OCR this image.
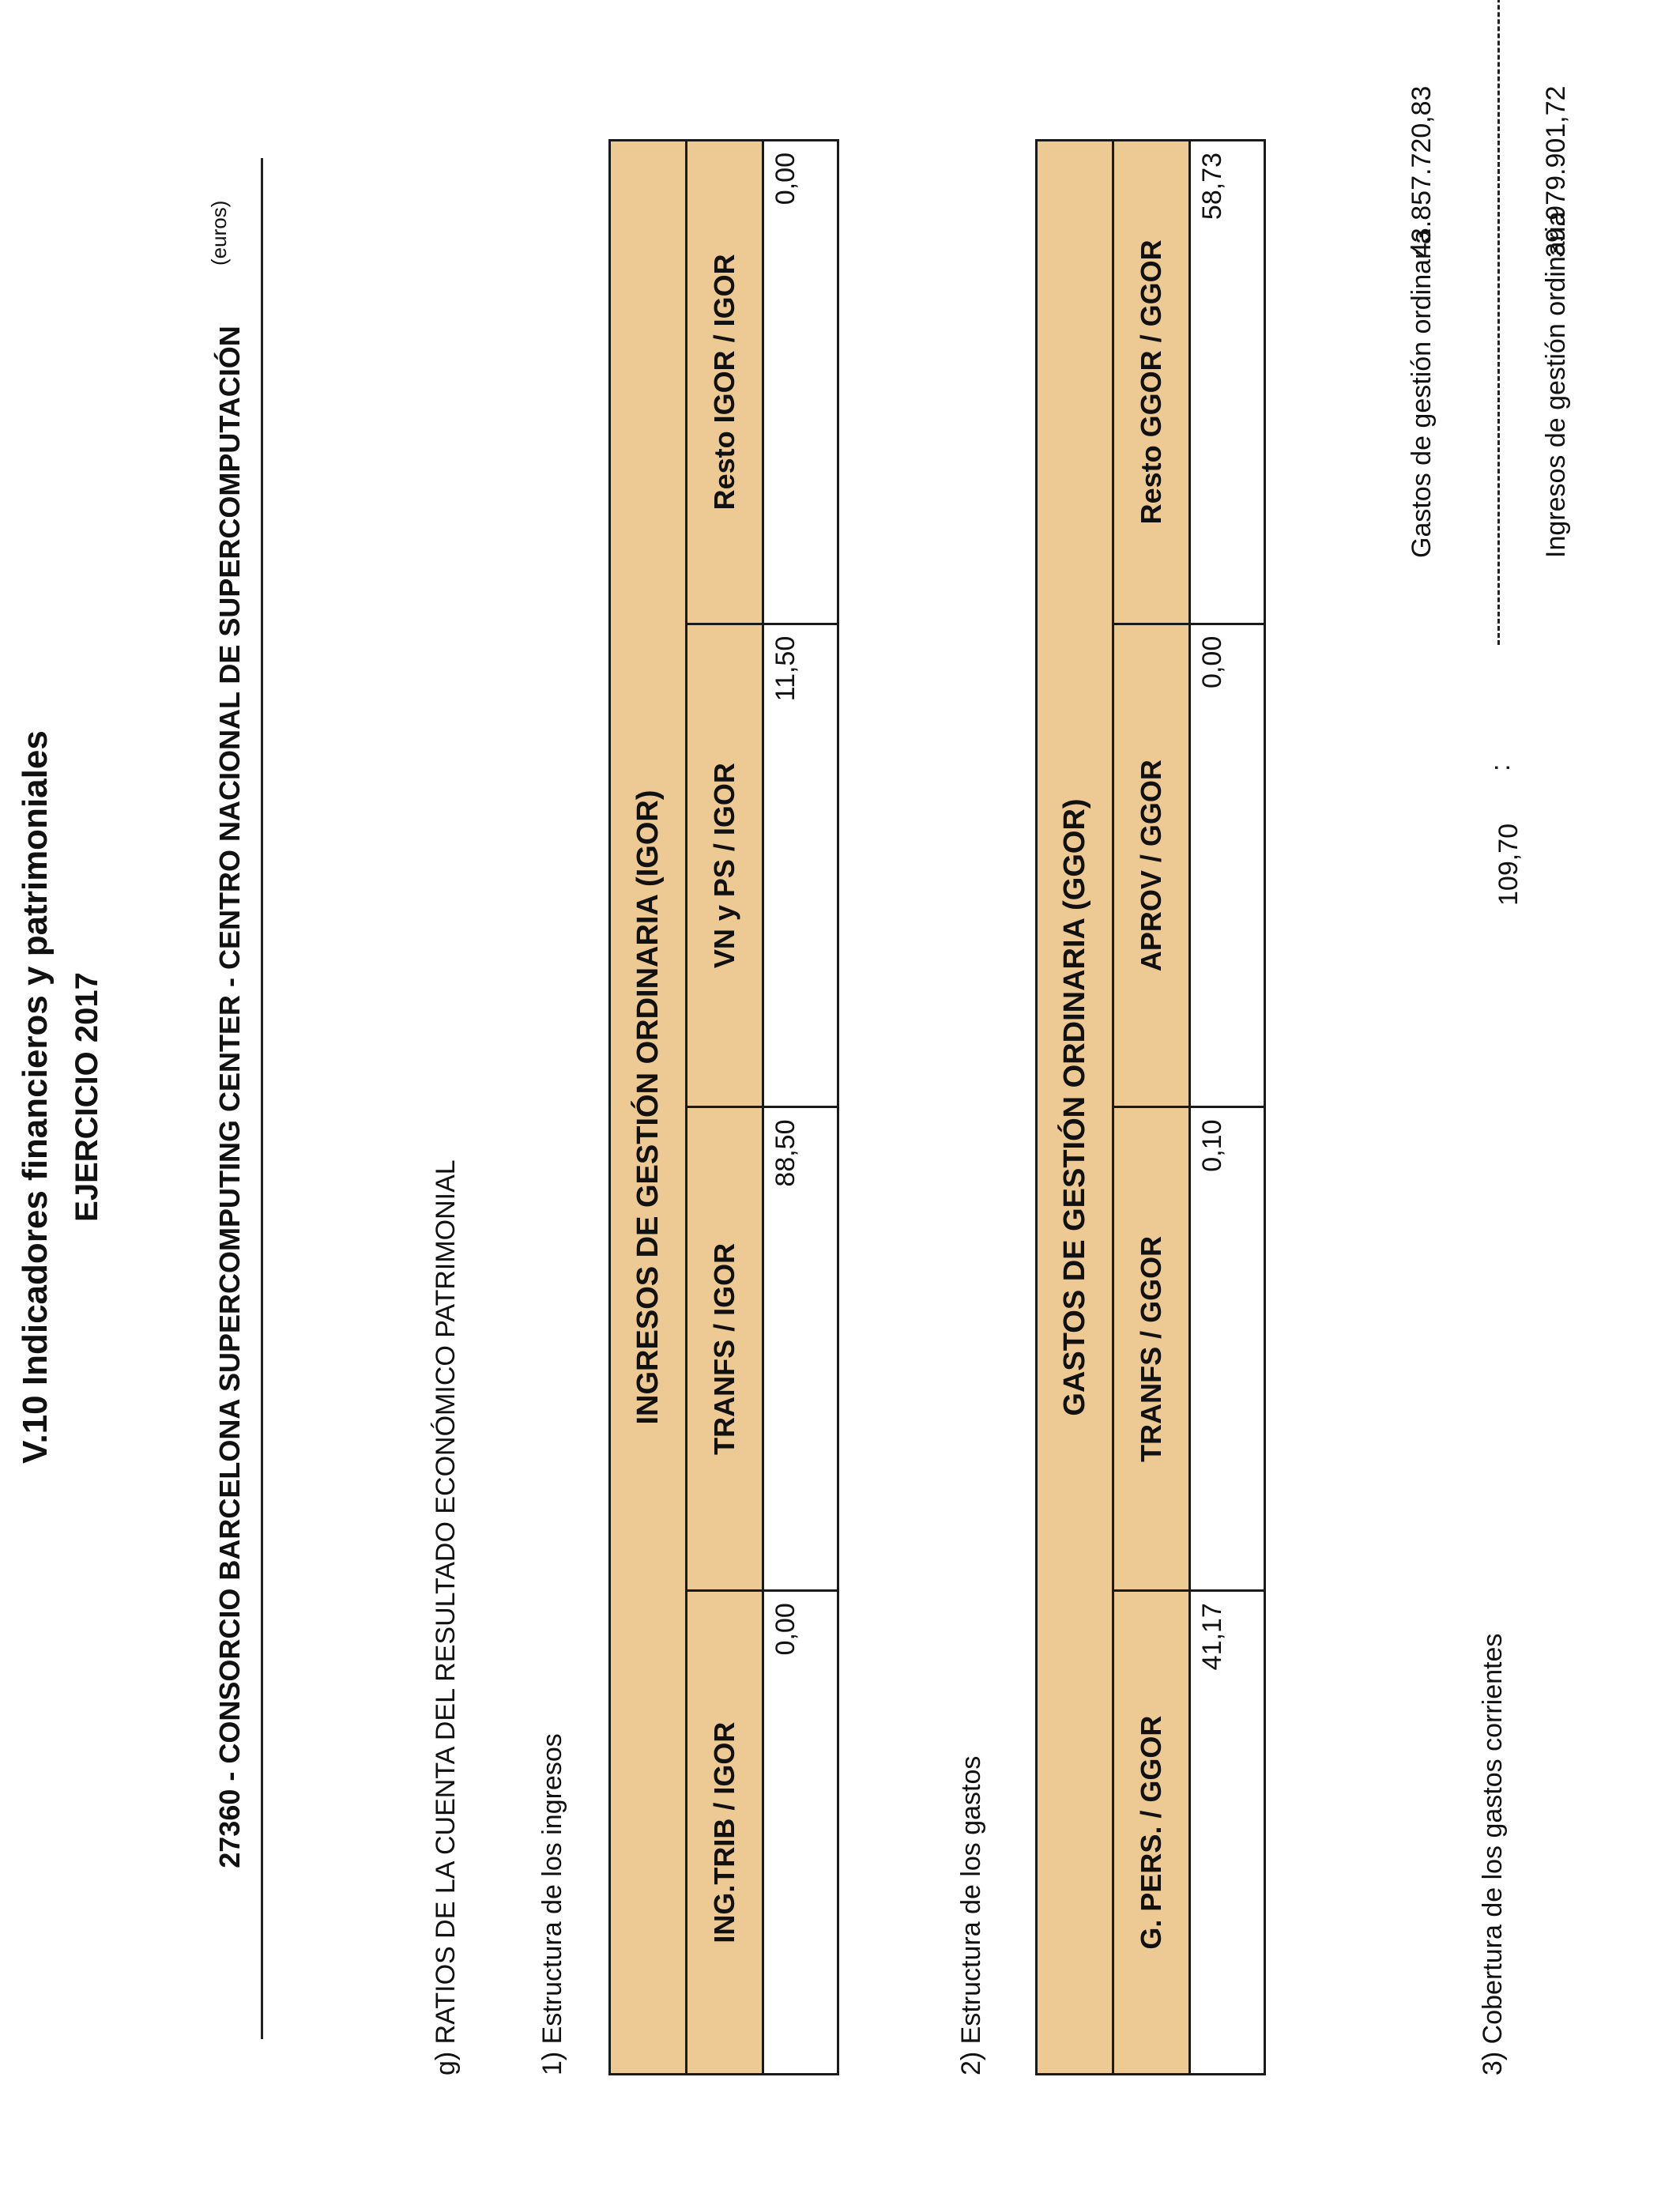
V.10 Indicadores financieros y patrimoniales EJERCICIO 2017	27360 - CONSORCIO BARCELONA SUPERCOMPUTING CENTER - CENTRO NACIONAL DE SUPERCOMPUTACIÓN
(euros)
g) RATIOS DE LA CUENTA DEL RESULTADO ECONÓMICO PATRIMONIAL	1) Estructura de los ingresos
INGRESOS DE GESTIÓN ORDINARIA (IGOR)			
ING.TRIB / IGOR	TRANFS / IGOR	VN y PS / IGOR	Resto IGOR / IGOR
0,00	88,50	11,50	0,00
2) Estructura de los gastos
GASTOS DE GESTIÓN ORDINARIA (GGOR)			
G. PERS. / GGOR	TRANFS / GGOR	APROV / GGOR	Resto GGOR / GGOR
41,17	0,10	0,00	58,73
3) Cobertura de los gastos corrientes
109,70
:
Gastos de gestión ordinaria
43.857.720,83
Ingresos de gestión ordinaria
39.979.901,72
